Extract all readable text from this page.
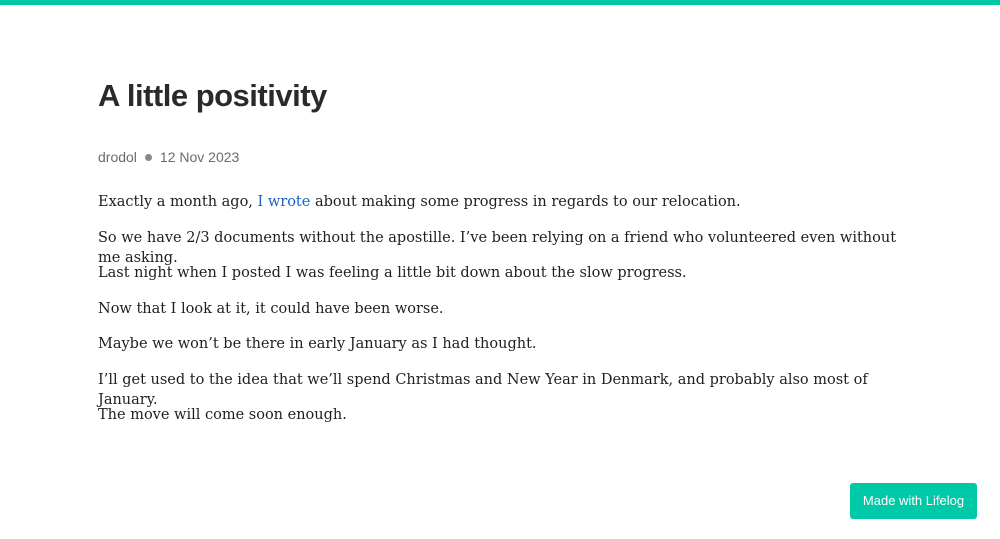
A little positivity
drodol 12 Nov 2023

Exactly a month ago, I wrote about making some progress in regards to our relocation.

So we have 2/3 documents without the apostille. I’ve been relying on a friend who volunteered even without me asking.

Last night when I posted I was feeling a little bit down about the slow progress.

Now that I look at it, it could have been worse.

Maybe we won’t be there in early January as I had thought.

I’ll get used to the idea that we’ll spend Christmas and New Year in Denmark, and probably also most of January.

The move will come soon enough.

Made with Lifelog
